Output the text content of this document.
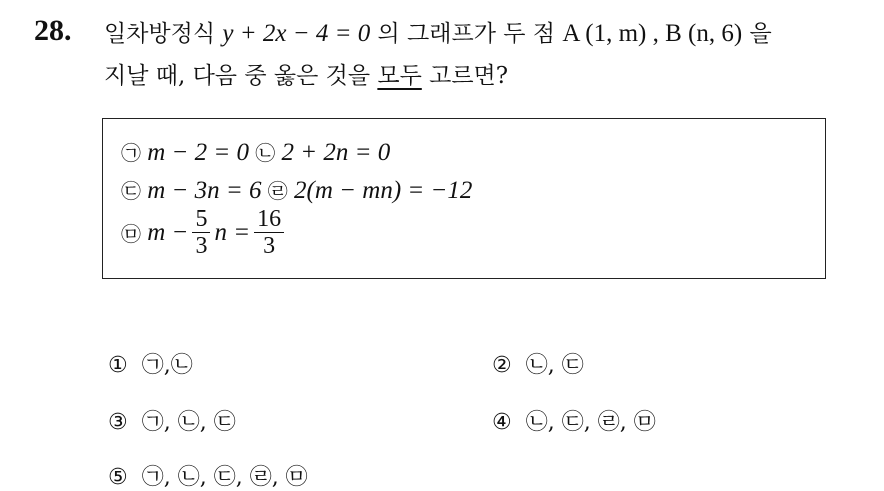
28. 일차방정식 y + 2x − 4 = 0 의 그래프가 두 점 A (1, m) , B (n, 6) 을
지날 때, 다음 중 옳은 것을 모두 고르면?
㉠ m − 2 = 0 ㉡ 2 + 2n = 0
㉢ m − 3n = 6 ㉣ 2(m − mn) = −12
㉤
$m - \frac{5}{3}$ $n = \frac{16}{3}$
① ㉠,㉡	② ㉡, ㉢
③ ㉠, ㉡, ㉢	④ ㉡, ㉢, ㉣, ㉤
⑤ ㉠, ㉡, ㉢, ㉣, ㉤
